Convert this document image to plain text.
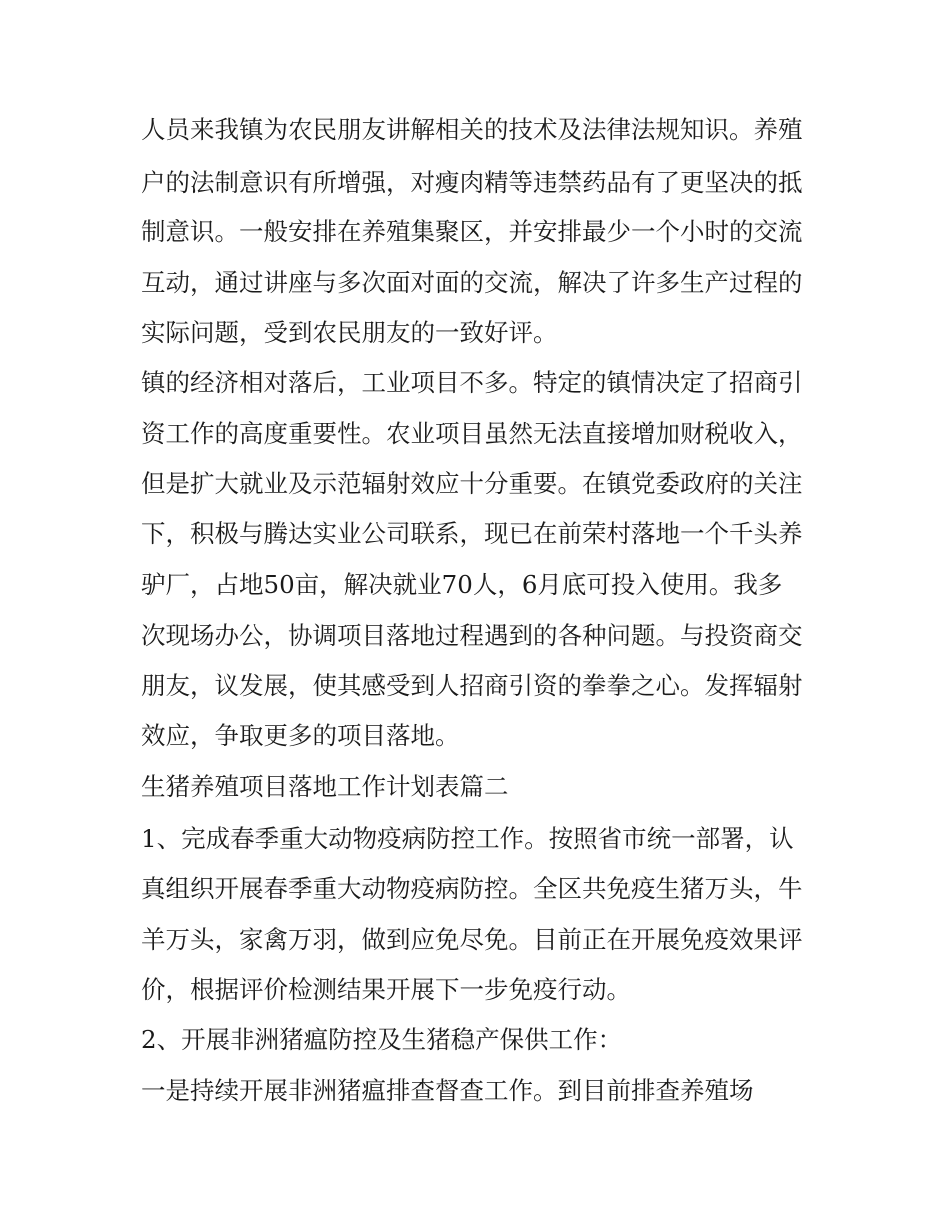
人员来我镇为农民朋友讲解相关的技术及法律法规知识。养殖

户的法制意识有所增强，对瘦肉精等违禁药品有了更坚决的抵

制意识。一般安排在养殖集聚区，并安排最少一个小时的交流

互动，通过讲座与多次面对面的交流，解决了许多生产过程的

实际问题，受到农民朋友的一致好评。

镇的经济相对落后，工业项目不多。特定的镇情决定了招商引

资工作的高度重要性。农业项目虽然无法直接增加财税收入，

但是扩大就业及示范辐射效应十分重要。在镇党委政府的关注

下，积极与腾达实业公司联系，现已在前荣村落地一个千头养

驴厂，占地50亩，解决就业70人，6月底可投入使用。我多

次现场办公，协调项目落地过程遇到的各种问题。与投资商交

朋友，议发展，使其感受到人招商引资的拳拳之心。发挥辐射

效应，争取更多的项目落地。

生猪养殖项目落地工作计划表篇二

1、完成春季重大动物疫病防控工作。按照省市统一部署，认

真组织开展春季重大动物疫病防控。全区共免疫生猪万头，牛

羊万头，家禽万羽，做到应免尽免。目前正在开展免疫效果评

价，根据评价检测结果开展下一步免疫行动。

2、开展非洲猪瘟防控及生猪稳产保供工作：

一是持续开展非洲猪瘟排查督查工作。到目前排查养殖场
